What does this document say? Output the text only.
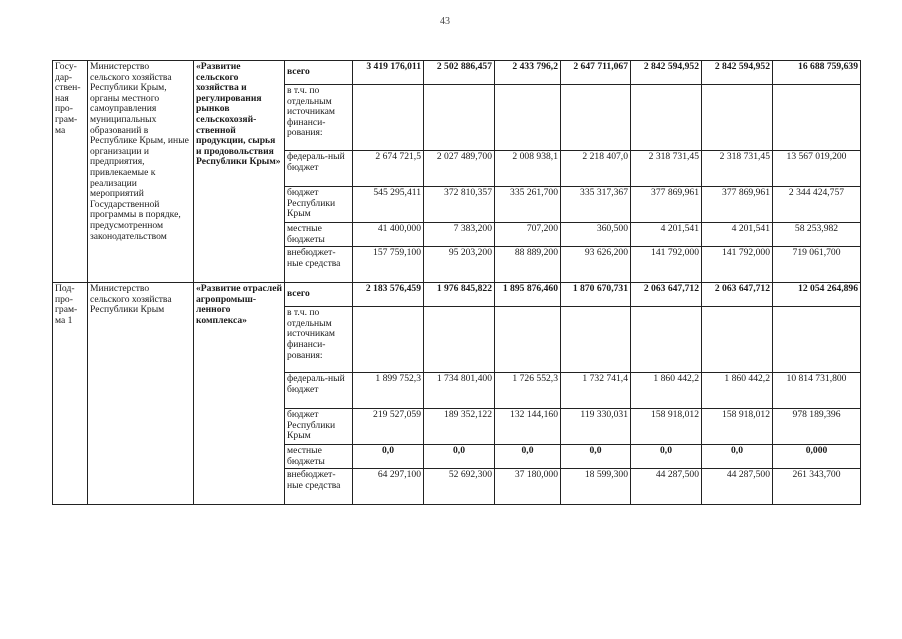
43
Госу-дар-ствен-ная про-грам-ма	Министерство сельского хозяйства Республики Крым, органы местного самоуправления муниципальных образований в Республике Крым, иные организации и предприятия, привлекаемые к реализации мероприятий Государственной программы в порядке, предусмотренном законодательством	«Развитие сельского хозяйства и регулирования рынков сельскохозяй-ственной продукции, сырья и продовольствия Республики Крым»	всего	3 419 176,011	2 502 886,457	2 433 796,2	2 647 711,067	2 842 594,952	2 842 594,952	16 688 759,639
			в т.ч. по отдельным источникам финанси-рования:							
			федераль-ный бюджет	2 674 721,5	2 027 489,700	2 008 938,1	2 218 407,0	2 318 731,45	2 318 731,45	13 567 019,200
			бюджет Республики Крым	545 295,411	372 810,357	335 261,700	335 317,367	377 869,961	377 869,961	2 344 424,757
			местные бюджеты	41 400,000	7 383,200	707,200	360,500	4 201,541	4 201,541	58 253,982
			внебюджет-ные средства	157 759,100	95 203,200	88 889,200	93 626,200	141 792,000	141 792,000	719 061,700
Под-про-грам-ма 1	Министерство сельского хозяйства Республики Крым	«Развитие отраслей агропромыш-ленного комплекса»	всего	2 183 576,459	1 976 845,822	1 895 876,460	1 870 670,731	2 063 647,712	2 063 647,712	12 054 264,896
			в т.ч. по отдельным источникам финанси-рования:							
			федераль-ный бюджет	1 899 752,3	1 734 801,400	1 726 552,3	1 732 741,4	1 860 442,2	1 860 442,2	10 814 731,800
			бюджет Республики Крым	219 527,059	189 352,122	132 144,160	119 330,031	158 918,012	158 918,012	978 189,396
			местные бюджеты	0,0	0,0	0,0	0,0	0,0	0,0	0,000
			внебюджет-ные средства	64 297,100	52 692,300	37 180,000	18 599,300	44 287,500	44 287,500	261 343,700
